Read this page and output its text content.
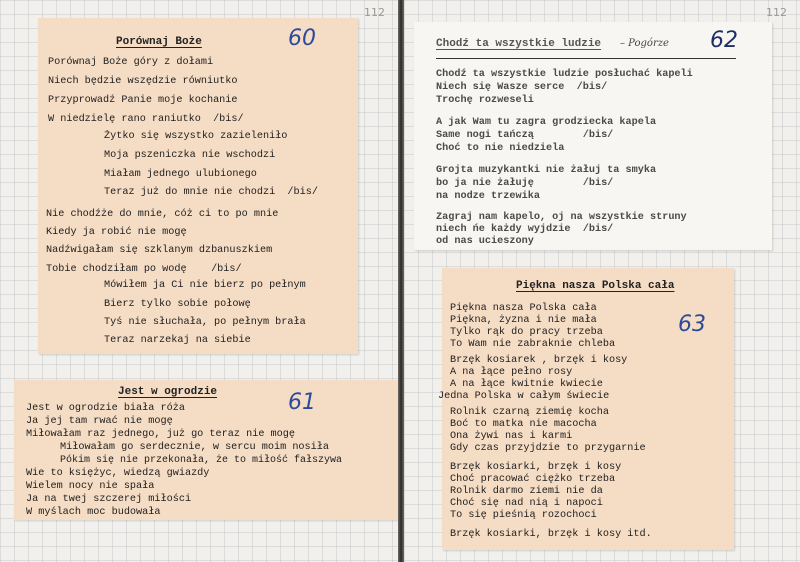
112
Porównaj Boże	60
Porównaj Boże góry z dołami
Niech będzie wszędzie równiutko
Przyprowadź Panie moje kochanie
W niedzielę rano raniutko  /bis/
Żytko się wszystko zazieleniło
Moja pszeniczka nie wschodzi
Miałam jednego ulubionego
Teraz już do mnie nie chodzi  /bis/
Nie chodźże do mnie, cóż ci to po mnie
Kiedy ja robić nie mogę
Nadźwigałam się szklanym dzbanuszkiem
Tobie chodziłam po wodę    /bis/
Mówiłem ja Ci nie bierz po pełnym
Bierz tylko sobie połowę
Tyś nie słuchała, po pełnym brała
Teraz narzekaj na siebie
Jest w ogrodzie	61
Jest w ogrodzie biała róża
Ja jej tam rwać nie mogę
Miłowałam raz jednego, już go teraz nie mogę
Miłowałam go serdecznie, w sercu moim nosiła
Pókim się nie przekonała, że to miłość fałszywa
Wie to księżyc, wiedzą gwiazdy
Wielem nocy nie spała
Ja na twej szczerej miłości
W myślach moc budowała
112
Chodź ta wszystkie ludzie – Pogórze 62
Chodź ta wszystkie ludzie posłuchać kapeli
Niech się Wasze serce  /bis/
Trochę rozweseli
A jak Wam tu zagra grodziecka kapela
Same nogi tańczą        /bis/
Choć to nie niedziela
Grojta muzykantki nie żałuj ta smyka
bo ja nie żałuję        /bis/
na nodze trzewika
Zagraj nam kapelo, oj na wszystkie struny
niech ńe każdy wyjdzie  /bis/
od nas ucieszony
Piękna nasza Polska cała
63
Piękna nasza Polska cała
Piękna, żyzna i nie mała
Tylko rąk do pracy trzeba
To Wam nie zabraknie chleba
Brzęk kosiarek , brzęk i kosy
A na łące pełno rosy
A na łące kwitnie kwiecie
Jedna Polska w całym świecie
Rolnik czarną ziemię kocha
Boć to matka nie macocha
Ona żywi nas i karmi
Gdy czas przyjdzie to przygarnie
Brzęk kosiarki, brzęk i kosy
Choć pracować ciężko trzeba
Rolnik darmo ziemi nie da
Choć się nad nią i napoci
To się pieśnią rozochoci
Brzęk kosiarki, brzęk i kosy itd.
